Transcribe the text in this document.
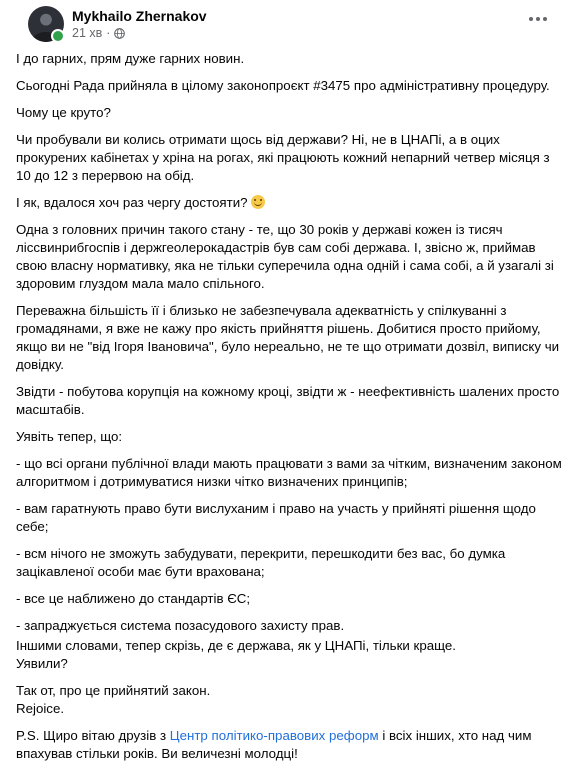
Mykhailo Zhernakov
21 хв ·

І до гарних, прям дуже гарних новин.

Сьогодні Рада прийняла в цілому законопроєкт #3475 про адміністративну процедуру.

Чому це круто?

Чи пробували ви колись отримати щось від держави? Ні, не в ЦНАПі, а в оцих прокурених кабінетах у хріна на рогах, які працюють кожний непарний четвер місяця з 10 до 12 з перервою на обід.

І як, вдалося хоч раз чергу достояти?

Одна з головних причин такого стану - те, що 30 років у державі кожен із тисяч ліссвинрибгоспів і держгеолерокадастрів був сам собі держава. І, звісно ж, приймав свою власну нормативку, яка не тільки суперечила одна одній і сама собі, а й узагалі зі здоровим глуздом мала мало спільного.

Переважна більшість її і близько не забезпечувала адекватність у спілкуванні з громадянами, я вже не кажу про якість прийняття рішень. Добитися просто прийому, якщо ви не "від Ігоря Івановича", було нереально, не те що отримати дозвіл, виписку чи довідку.

Звідти - побутова корупція на кожному кроці, звідти ж - неефективність шалених просто масштабів.

Уявіть тепер, що:

- що всі органи публічної влади мають працювати з вами за чітким, визначеним законом алгоритмом і дотримуватися низки чітко визначених принципів;

- вам гаратнують право бути вислуханим і право на участь у прийняті рішення щодо себе;

- всм нічого не зможуть забудувати, перекрити, перешкодити без вас, бо думка зацікавленої особи має бути врахована;

- все це наближено до стандартів ЄС;

- запраджується система позасудового захисту прав.

Іншими словами, тепер скрізь, де є держава, як у ЦНАПі, тільки краще.
Уявили?

Так от, про це прийнятий закон.
Rejoice.

P.S. Щиро вітаю друзів з Центр політико-правових реформ і всіх інших, хто над чим впахував стільки років. Ви величезні молодці!
